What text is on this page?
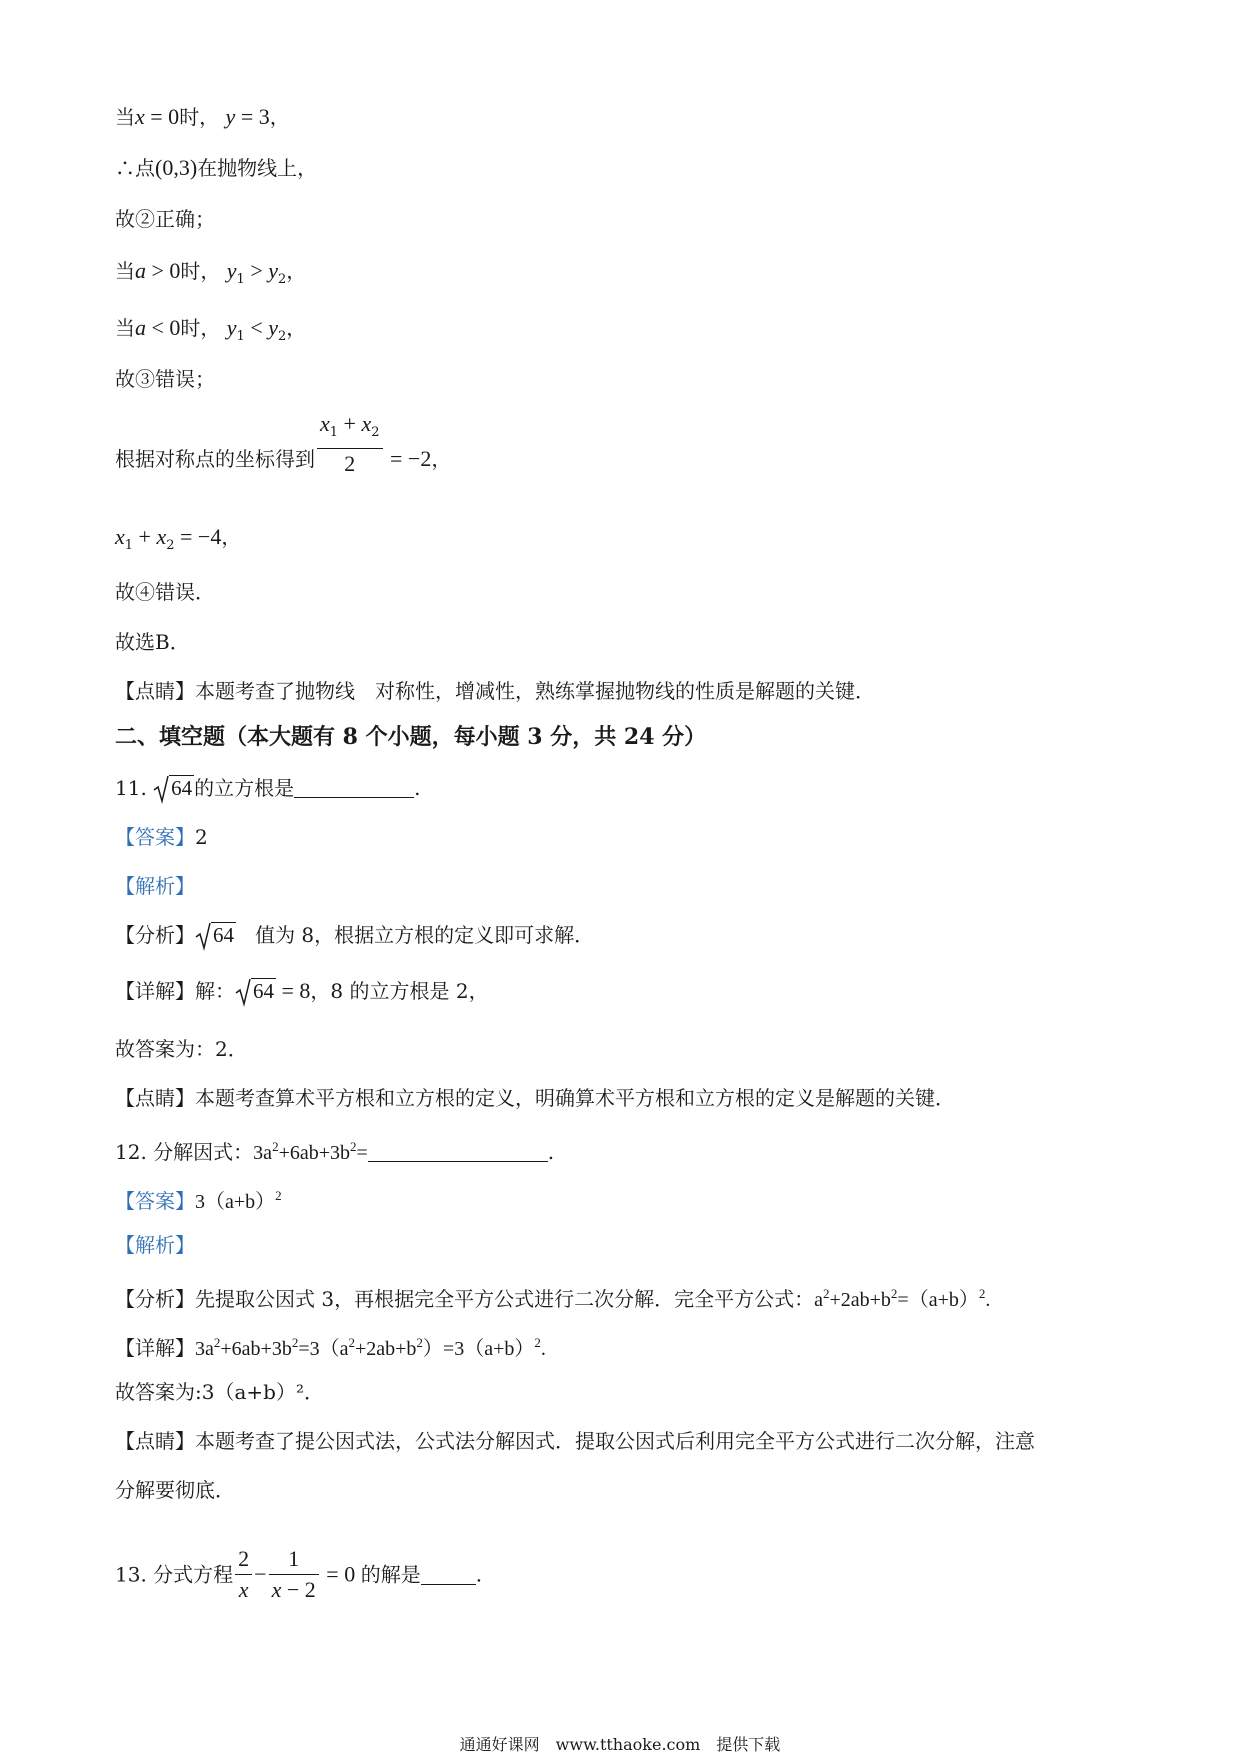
当x = 0时， y = 3，
∴点(0,3)在抛物线上，
故②正确；
当a > 0时， $y_1 > y_2$，
当a < 0时， $y_1 < y_2$，
故③错误；
根据对称点的坐标得到 $\frac{x_1 + x_2}{2} = -2$，
$x_1 + x_2 = -4$，
故④错误．
故选B．
【点睛】本题考查了抛物线　对称性，增减性，熟练掌握抛物线的性质是解题的关键．
二、填空题（本大题有 8 个小题，每小题 3 分，共 24 分）
11. 64 的立方根是	.
【答案】2
【解析】
【分析】 64 值为 8，根据立方根的定义即可求解．
【详解】解： 64 = 8，8 的立方根是 2，
故答案为：2．
【点睛】本题考查算术平方根和立方根的定义，明确算术平方根和立方根的定义是解题的关键．
12. 分解因式：$3a^2+6ab+3b^2=$	.
【答案】$3(a+b)^2$
【解析】
【分析】先提取公因式 3，再根据完全平方公式进行二次分解．完全平方公式：$a^2+2ab+b^2=(a+b)^2$.
【详解】$3a^2+6ab+3b^2=3(a^2+2ab+b^2)=3(a+b)^2$.
故答案为:3（a+b）²．
【点睛】本题考查了提公因式法，公式法分解因式．提取公因式后利用完全平方公式进行二次分解，注意
分解要彻底．
13. 分式方程 $\frac{2}{x} - \frac{1}{x - 2} = 0$ 的解是	.
通通好课网　www.tthaoke.com　提供下载
